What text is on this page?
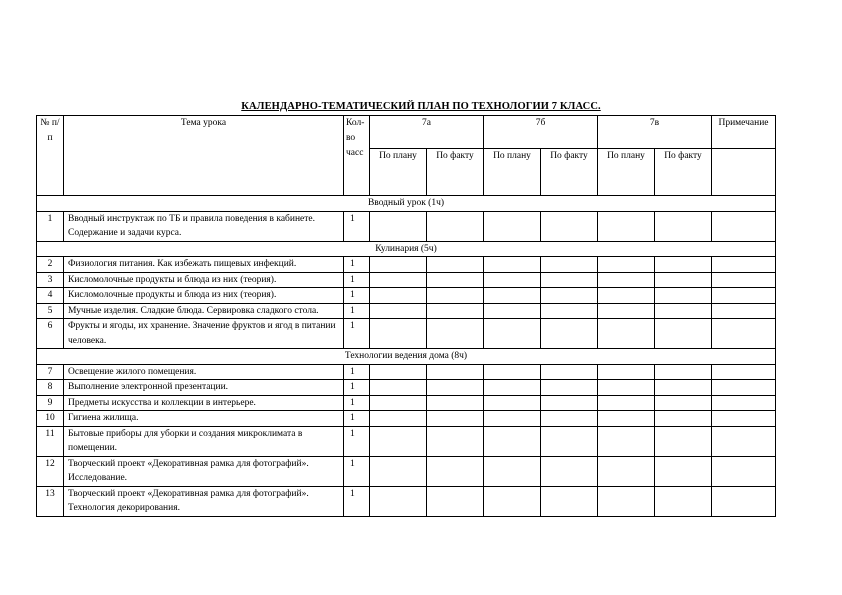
КАЛЕНДАРНО-ТЕМАТИЧЕСКИЙ ПЛАН ПО ТЕХНОЛОГИИ 7 КЛАСС.
№ п/ п	Тема урока	Кол-во часс	7а		7б		7в		Примечание
			По плану	По факту	По плану	По факту	По плану	По факту	
Вводный урок (1ч)									
1	Вводный инструктаж по ТБ и правила поведения в кабинете. Содержание и задачи курса.	1							
Кулинария (5ч)									
2	Физиология питания. Как избежать пищевых инфекций.	1							
3	Кисломолочные продукты и блюда из них (теория).	1							
4	Кисломолочные продукты и блюда из них (теория).	1							
5	Мучные изделия. Сладкие блюда. Сервировка сладкого стола.	1							
6	Фрукты и ягоды, их хранение. Значение фруктов и ягод в питании человека.	1							
Технологии ведения дома (8ч)									
7	Освещение жилого помещения.	1							
8	Выполнение электронной презентации.	1							
9	Предметы искусства и коллекции в интерьере.	1							
10	Гигиена жилища.	1							
11	Бытовые приборы для уборки и создания микроклимата в помещении.	1							
12	Творческий проект «Декоративная рамка для фотографий». Исследование.	1							
13	Творческий проект «Декоративная рамка для фотографий». Технология декорирования.	1							
